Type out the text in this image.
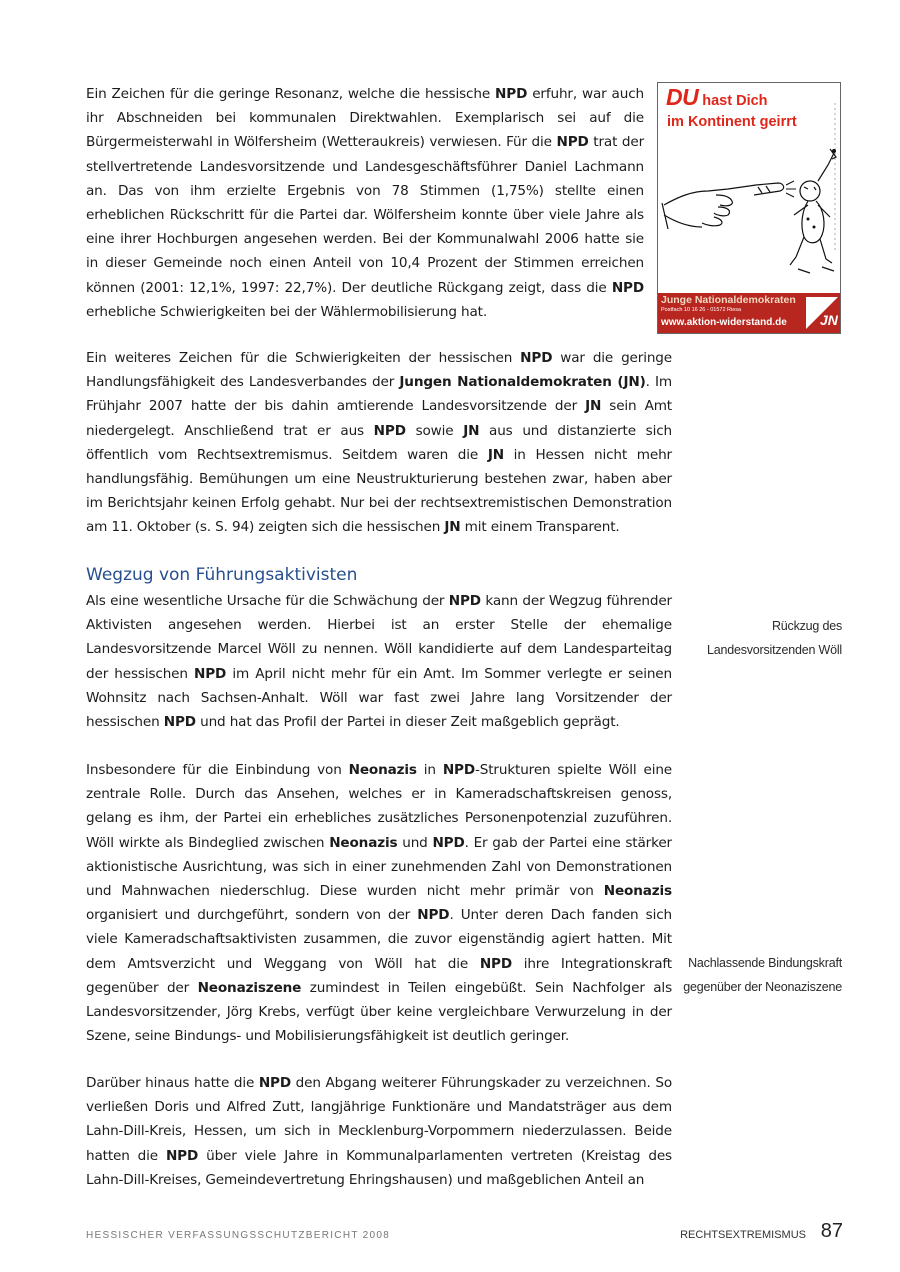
Ein Zeichen für die geringe Resonanz, welche die hessische NPD erfuhr, war auch ihr Abschneiden bei kommunalen Direktwahlen. Exemplarisch sei auf die Bürgermeisterwahl in Wölfersheim (Wetteraukreis) verwiesen. Für die NPD trat der stellvertretende Landesvorsitzende und Landesgeschäftsführer Daniel Lachmann an. Das von ihm erzielte Ergebnis von 78 Stimmen (1,75%) stellte einen erheblichen Rückschritt für die Partei dar. Wölfersheim konnte über viele Jahre als eine ihrer Hochburgen angesehen werden. Bei der Kommunalwahl 2006 hatte sie in dieser Gemeinde noch einen Anteil von 10,4 Prozent der Stimmen erreichen können (2001: 12,1%, 1997: 22,7%). Der deutliche Rückgang zeigt, dass die NPD erhebliche Schwierigkeiten bei der Wählermobilisierung hat.

Ein weiteres Zeichen für die Schwierigkeiten der hessischen NPD war die geringe Handlungsfähigkeit des Landesverbandes der Jungen Nationaldemokraten (JN). Im Frühjahr 2007 hatte der bis dahin amtierende Landesvorsitzende der JN sein Amt niedergelegt. Anschließend trat er aus NPD sowie JN aus und distanzierte sich öffentlich vom Rechtsextremismus. Seitdem waren die JN in Hessen nicht mehr handlungsfähig. Bemühungen um eine Neustrukturierung bestehen zwar, haben aber im Berichtsjahr keinen Erfolg gehabt. Nur bei der rechtsextremistischen Demonstration am 11. Oktober (s. S. 94) zeigten sich die hessischen JN mit einem Transparent.

Wegzug von Führungsaktivisten

Als eine wesentliche Ursache für die Schwächung der NPD kann der Wegzug führender Aktivisten angesehen werden. Hierbei ist an erster Stelle der ehemalige Landesvorsitzende Marcel Wöll zu nennen. Wöll kandidierte auf dem Landesparteitag der hessischen NPD im April nicht mehr für ein Amt. Im Sommer verlegte er seinen Wohnsitz nach Sachsen-Anhalt. Wöll war fast zwei Jahre lang Vorsitzender der hessischen NPD und hat das Profil der Partei in dieser Zeit maßgeblich geprägt.

Insbesondere für die Einbindung von Neonazis in NPD-Strukturen spielte Wöll eine zentrale Rolle. Durch das Ansehen, welches er in Kameradschaftskreisen genoss, gelang es ihm, der Partei ein erhebliches zusätzliches Personenpotenzial zuzuführen. Wöll wirkte als Bindeglied zwischen Neonazis und NPD. Er gab der Partei eine stärker aktionistische Ausrichtung, was sich in einer zunehmenden Zahl von Demonstrationen und Mahnwachen niederschlug. Diese wurden nicht mehr primär von Neonazis organisiert und durchgeführt, sondern von der NPD. Unter deren Dach fanden sich viele Kameradschaftsaktivisten zusammen, die zuvor eigenständig agiert hatten. Mit dem Amtsverzicht und Weggang von Wöll hat die NPD ihre Integrationskraft gegenüber der Neonaziszene zumindest in Teilen eingebüßt. Sein Nachfolger als Landesvorsitzender, Jörg Krebs, verfügt über keine vergleichbare Verwurzelung in der Szene, seine Bindungs- und Mobilisierungsfähigkeit ist deutlich geringer.

Darüber hinaus hatte die NPD den Abgang weiterer Führungskader zu verzeichnen. So verließen Doris und Alfred Zutt, langjährige Funktionäre und Mandatsträger aus dem Lahn-Dill-Kreis, Hessen, um sich in Mecklenburg-Vorpommern niederzulassen. Beide hatten die NPD über viele Jahre in Kommunalparlamenten vertreten (Kreistag des Lahn-Dill-Kreises, Gemeindevertretung Ehringshausen) und maßgeblichen Anteil an

Rückzug des
Landesvorsitzenden Wöll
Nachlassende Bindungskraft
gegenüber der Neonaziszene
DU hast Dich
im Kontinent geirrt
Junge Nationaldemokraten
Postfach 10 16 26 - 01572 Riesa
www.aktion-widerstand.de JN
HESSISCHER VERFASSUNGSSCHUTZBERICHT 2008	RECHTSEXTREMISMUS 87
